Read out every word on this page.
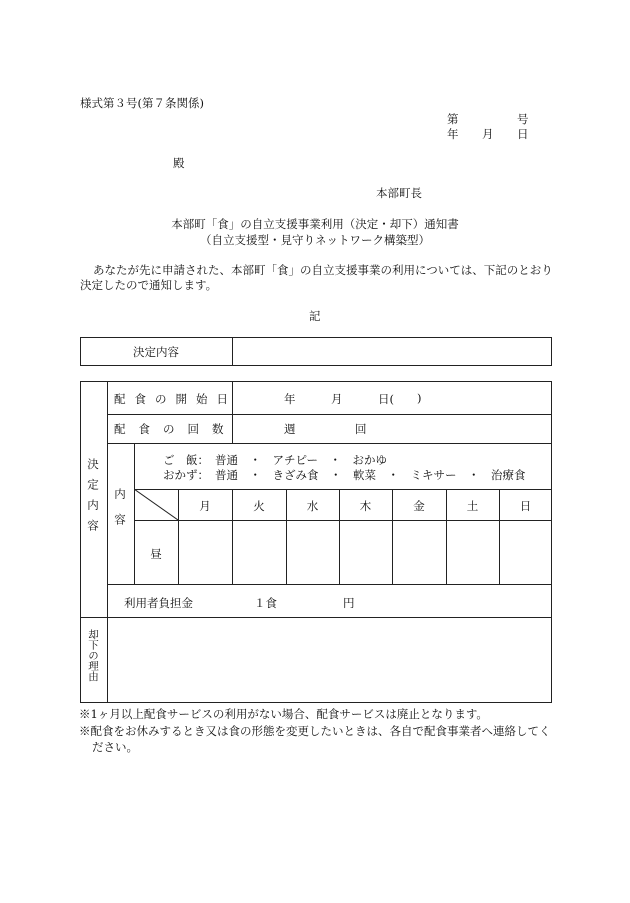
様式第３号(第７条関係)
第	号
年 月 日
殿
本部町長
本部町「食」の自立支援事業利用（決定・却下）通知書
（自立支援型・見守りネットワーク構築型）
あなたが先に申請された、本部町「食」の自立支援事業の利用については、下記のとおり
決定したので通知します。
記
決定内容
決定内容
配食の開始日	年	月	日( )
配食の回数	週	回
内容
ご　飯： 普通　・　アチピー　・　おかゆ
おかず： 普通　・　きざみ食　・　軟菜　・　ミキサー　・　治療食
月	火	水	木	金	土	日
昼
利用者負担金	１食	円
却下の理由
※1ヶ月以上配食サービスの利用がない場合、配食サービスは廃止となります。
※配食をお休みするとき又は食の形態を変更したいときは、各自で配食事業者へ連絡してく
ださい。
